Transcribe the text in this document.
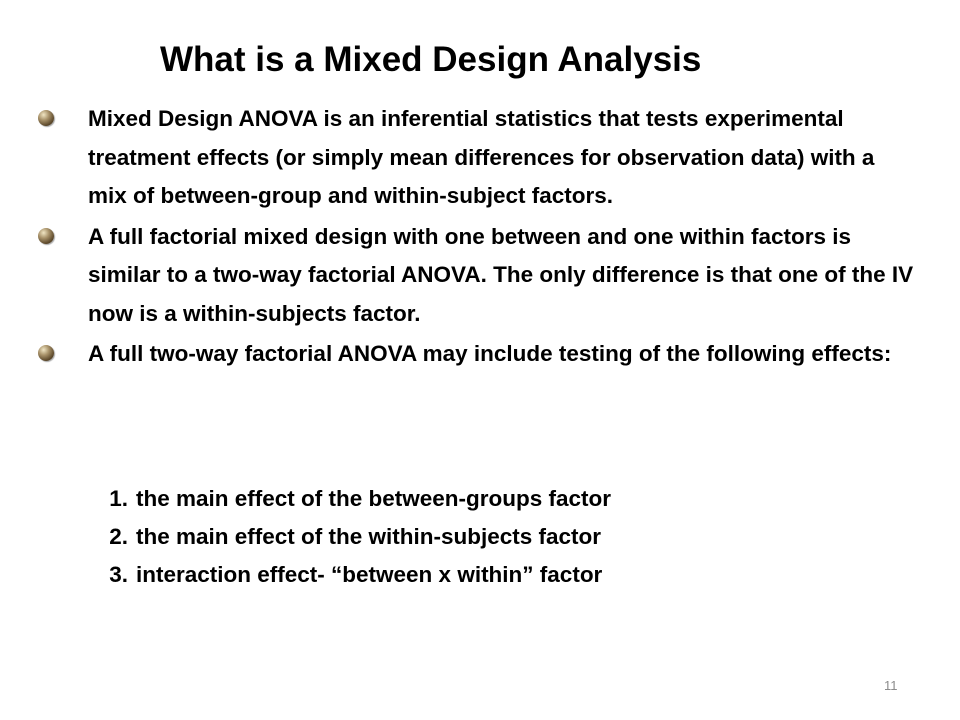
What is a Mixed Design Analysis
Mixed Design ANOVA is an inferential statistics that tests experimental treatment effects (or simply mean differences for observation data) with a mix of between-group and within-subject factors.
A full factorial mixed design with one between and one within factors is similar to a two-way factorial ANOVA. The only difference is that one of the IV now is a within-subjects factor.
A full two-way factorial ANOVA may include testing of the following effects:
1. the main effect of the between-groups factor
2. the main effect of the within-subjects factor
3. interaction effect- “between x within” factor
11
